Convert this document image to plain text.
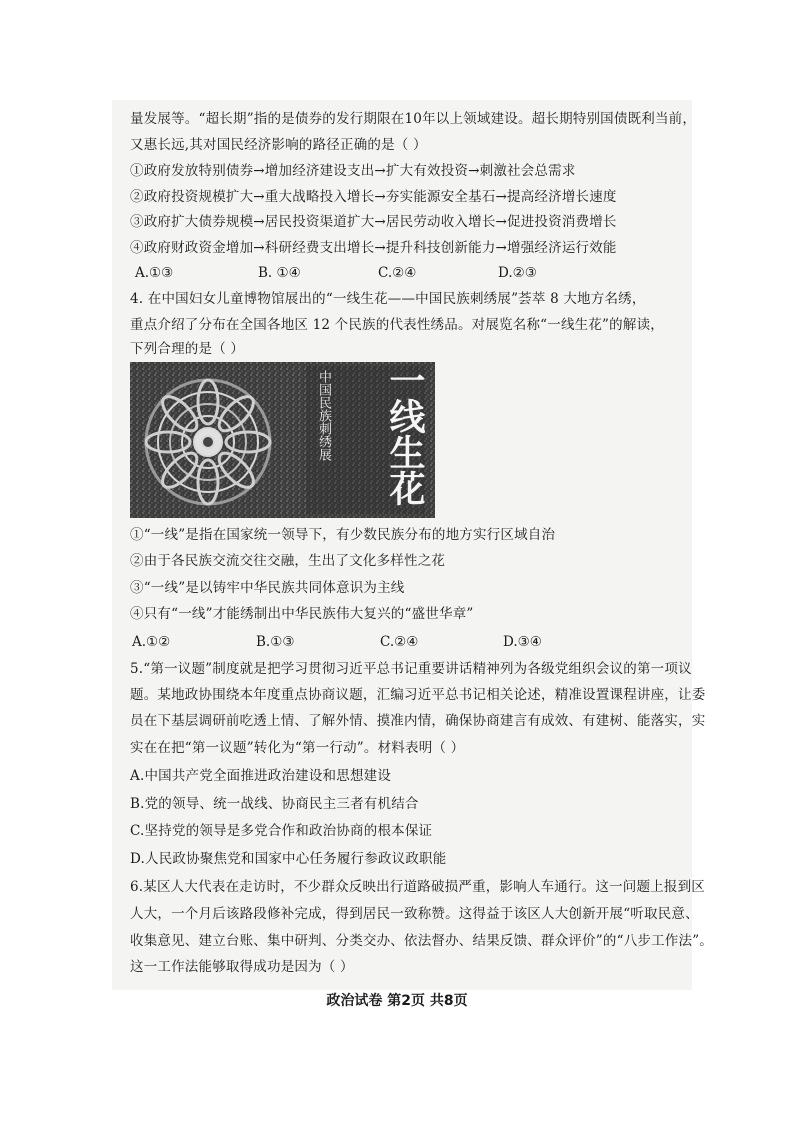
量发展等。“超长期”指的是债券的发行期限在10年以上领域建设。超长期特别国债既利当前，
又惠长远,其对国民经济影响的路径正确的是（ ）
①政府发放特别债券→增加经济建设支出→扩大有效投资→刺激社会总需求
②政府投资规模扩大→重大战略投入增长→夯实能源安全基石→提高经济增长速度
③政府扩大债券规模→居民投资渠道扩大→居民劳动收入增长→促进投资消费增长
④政府财政资金增加→科研经费支出增长→提升科技创新能力→增强经济运行效能
A.①③	B. ①④	C.②④	D.②③
4. 在中国妇女儿童博物馆展出的“一线生花——中国民族刺绣展”荟萃 8 大地方名绣，
重点介绍了分布在全国各地区 12 个民族的代表性绣品。对展览名称“一线生花”的解读，
下列合理的是（ ）
中国民族刺绣展	一线生花
①“一线”是指在国家统一领导下，有少数民族分布的地方实行区域自治
②由于各民族交流交往交融，生出了文化多样性之花
③“一线”是以铸牢中华民族共同体意识为主线
④只有“一线”才能绣制出中华民族伟大复兴的“盛世华章”
A.①②	B.①③	C.②④	D.③④
5.“第一议题”制度就是把学习贯彻习近平总书记重要讲话精神列为各级党组织会议的第一项议
题。某地政协围绕本年度重点协商议题，汇编习近平总书记相关论述，精准设置课程讲座，让委
员在下基层调研前吃透上情、了解外情、摸准内情，确保协商建言有成效、有建树、能落实，实
实在在把“第一议题”转化为“第一行动”。材料表明（ ）
A.中国共产党全面推进政治建设和思想建设
B.党的领导、统一战线、协商民主三者有机结合
C.坚持党的领导是多党合作和政治协商的根本保证
D.人民政协聚焦党和国家中心任务履行参政议政职能
6.某区人大代表在走访时，不少群众反映出行道路破损严重，影响人车通行。这一问题上报到区
人大，一个月后该路段修补完成，得到居民一致称赞。这得益于该区人大创新开展“听取民意、
收集意见、建立台账、集中研判、分类交办、依法督办、结果反馈、群众评价”的“八步工作法”。
这一工作法能够取得成功是因为（ ）
政治试卷 第2页 共8页
